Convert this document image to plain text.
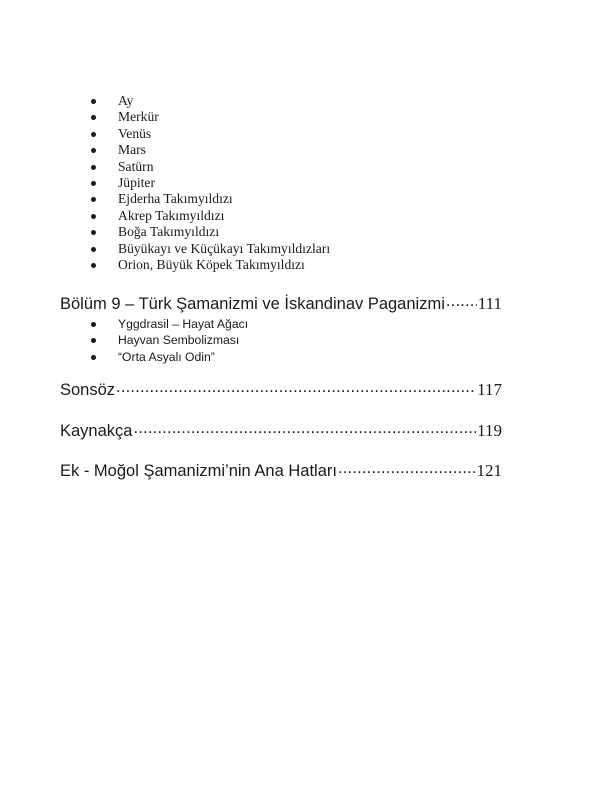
Ay
Merkür
Venüs
Mars
Satürn
Jüpiter
Ejderha Takımyıldızı
Akrep Takımyıldızı
Boğa Takımyıldızı
Büyükayı ve Küçükayı Takımyıldızları
Orion, Büyük Köpek Takımyıldızı
Bölüm 9 – Türk Şamanizmi ve İskandinav Paganizmi ..... 111
Yggdrasil – Hayat Ağacı
Hayvan Sembolizması
“Orta Asyalı Odin”
Sonsöz .....	117
Kaynakça .....	119
Ek - Moğol Şamanizmi’nin Ana Hatları .....	121
